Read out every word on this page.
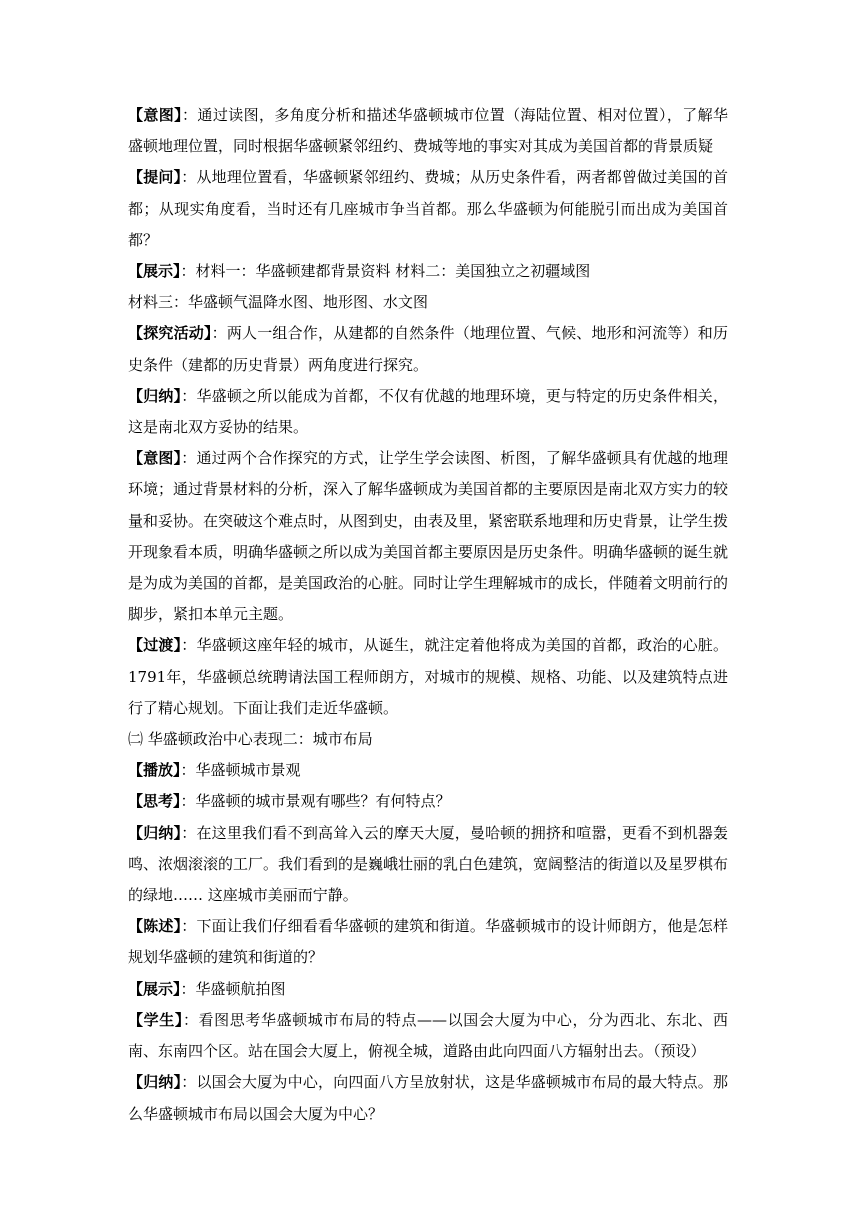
【意图】：通过读图，多角度分析和描述华盛顿城市位置（海陆位置、相对位置），了解华盛顿地理位置，同时根据华盛顿紧邻纽约、费城等地的事实对其成为美国首都的背景质疑

【提问】：从地理位置看，华盛顿紧邻纽约、费城；从历史条件看，两者都曾做过美国的首都；从现实角度看，当时还有几座城市争当首都。那么华盛顿为何能脱引而出成为美国首都？

【展示】：材料一：华盛顿建都背景资料 材料二：美国独立之初疆域图

材料三：华盛顿气温降水图、地形图、水文图

【探究活动】：两人一组合作，从建都的自然条件（地理位置、气候、地形和河流等）和历史条件（建都的历史背景）两角度进行探究。

【归纳】：华盛顿之所以能成为首都，不仅有优越的地理环境，更与特定的历史条件相关，这是南北双方妥协的结果。

【意图】：通过两个合作探究的方式，让学生学会读图、析图，了解华盛顿具有优越的地理环境；通过背景材料的分析，深入了解华盛顿成为美国首都的主要原因是南北双方实力的较量和妥协。在突破这个难点时，从图到史，由表及里，紧密联系地理和历史背景，让学生拨开现象看本质，明确华盛顿之所以成为美国首都主要原因是历史条件。明确华盛顿的诞生就是为成为美国的首都，是美国政治的心脏。同时让学生理解城市的成长，伴随着文明前行的脚步，紧扣本单元主题。

【过渡】：华盛顿这座年轻的城市，从诞生，就注定着他将成为美国的首都，政治的心脏。1791年，华盛顿总统聘请法国工程师朗方，对城市的规模、规格、功能、以及建筑特点进行了精心规划。下面让我们走近华盛顿。

㈡ 华盛顿政治中心表现二：城市布局

【播放】：华盛顿城市景观

【思考】：华盛顿的城市景观有哪些？有何特点？

【归纳】：在这里我们看不到高耸入云的摩天大厦，曼哈顿的拥挤和喧嚣，更看不到机器轰鸣、浓烟滚滚的工厂。我们看到的是巍峨壮丽的乳白色建筑，宽阔整洁的街道以及星罗棋布的绿地…… 这座城市美丽而宁静。

【陈述】：下面让我们仔细看看华盛顿的建筑和街道。华盛顿城市的设计师朗方，他是怎样规划华盛顿的建筑和街道的？

【展示】：华盛顿航拍图

【学生】：看图思考华盛顿城市布局的特点——以国会大厦为中心，分为西北、东北、西南、东南四个区。站在国会大厦上，俯视全城，道路由此向四面八方辐射出去。（预设）

【归纳】：以国会大厦为中心，向四面八方呈放射状，这是华盛顿城市布局的最大特点。那么华盛顿城市布局以国会大厦为中心？
